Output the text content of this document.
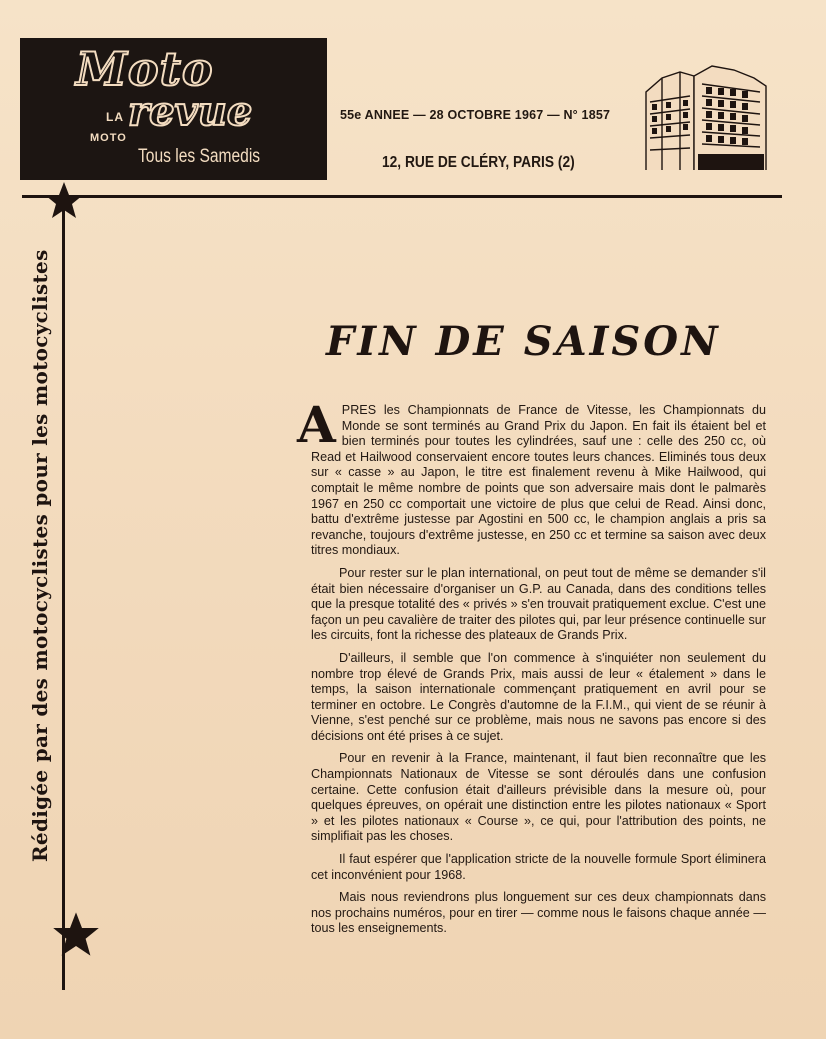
Moto
LA
MOTO
revue
Tous les Samedis
55e ANNEE — 28 OCTOBRE 1967 — N° 1857
12, RUE DE CLÉRY, PARIS (2)
Rédigée par des motocyclistes pour les motocyclistes	FIN DE SAISON

APRES les Championnats de France de Vitesse, les Championnats du Monde se sont terminés au Grand Prix du Japon. En fait ils étaient bel et bien terminés pour toutes les cylindrées, sauf une : celle des 250 cc, où Read et Hailwood conservaient encore toutes leurs chances. Eliminés tous deux sur « casse » au Japon, le titre est finalement revenu à Mike Hailwood, qui comptait le même nombre de points que son adversaire mais dont le palmarès 1967 en 250 cc comportait une victoire de plus que celui de Read. Ainsi donc, battu d'extrême justesse par Agostini en 500 cc, le champion anglais a pris sa revanche, toujours d'extrême justesse, en 250 cc et termine sa saison avec deux titres mondiaux.

Pour rester sur le plan international, on peut tout de même se demander s'il était bien nécessaire d'organiser un G.P. au Canada, dans des conditions telles que la presque totalité des « privés » s'en trouvait pratiquement exclue. C'est une façon un peu cavalière de traiter des pilotes qui, par leur présence continuelle sur les circuits, font la richesse des plateaux de Grands Prix.

D'ailleurs, il semble que l'on commence à s'inquiéter non seulement du nombre trop élevé de Grands Prix, mais aussi de leur « étalement » dans le temps, la saison internationale commençant pratiquement en avril pour se terminer en octobre. Le Congrès d'automne de la F.I.M., qui vient de se réunir à Vienne, s'est penché sur ce problème, mais nous ne savons pas encore si des décisions ont été prises à ce sujet.

Pour en revenir à la France, maintenant, il faut bien reconnaître que les Championnats Nationaux de Vitesse se sont déroulés dans une confusion certaine. Cette confusion était d'ailleurs prévisible dans la mesure où, pour quelques épreuves, on opérait une distinction entre les pilotes nationaux « Sport » et les pilotes nationaux « Course », ce qui, pour l'attribution des points, ne simplifiait pas les choses.

Il faut espérer que l'application stricte de la nouvelle formule Sport éliminera cet inconvénient pour 1968.

Mais nous reviendrons plus longuement sur ces deux championnats dans nos prochains numéros, pour en tirer — comme nous le faisons chaque année — tous les enseignements.
